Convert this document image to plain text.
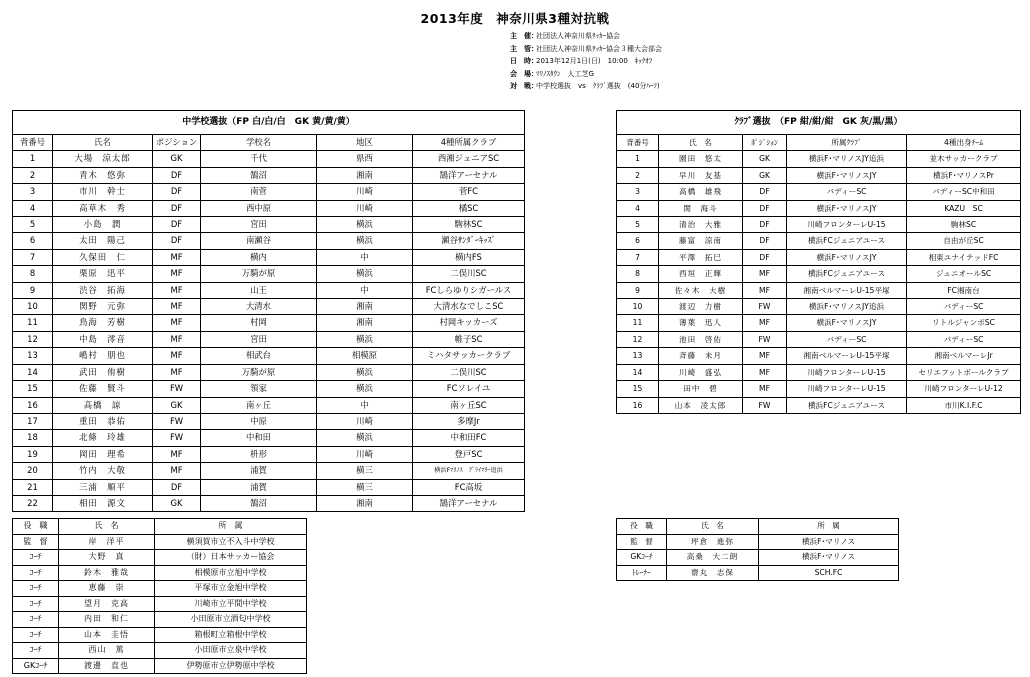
2013年度　神奈川県3種対抗戦
主　催：社団法人神奈川県ｻｯｶｰ協会
主　管：社団法人神奈川県ｻｯｶｰ協会３種大会部会
日　時：2013年12月1日(日)　10:00　ｷｯｸｵﾌ
会　場：ﾏﾘﾉｽﾀｳﾝ　人工芝G
対　戦：中学校選抜　vs　ｸﾗﾌﾞ選抜　(40分ﾊｰﾌ)
中学校選抜（FP 白/白/白　GK 黄/黄/黄）					
背番号	氏名	ポジション	学校名	地区	4種所属クラブ
1	大場　涼太郎	GK	千代	県西	西湘ジュニアSC
2	青木　悠弥	DF	鵠沼	湘南	鵠洋アーセナル
3	市川　幹士	DF	南菅	川崎	菅FC
4	高草木　秀	DF	西中原	川崎	橘SC
5	小島　潤	DF	宮田	横浜	駒林SC
6	太田　陽己	DF	南瀬谷	横浜	瀬谷ｻﾝﾀﾞｰｷｯｽﾞ
7	久保田　仁	MF	横内	中	横内FS
8	栗原　迅平	MF	万騎が原	横浜	二俣川SC
9	渋谷　拓海	MF	山王	中	FCしらゆりシガールス
10	関野　元弥	MF	大清水	湘南	大清水なでしこSC
11	鳥海　芳樹	MF	村岡	湘南	村岡キッカーズ
12	中島　澪音	MF	宮田	横浜	帷子SC
13	嶋村　朋也	MF	相武台	相模原	ミハタサッカークラブ
14	武田　侑樹	MF	万騎が原	横浜	二俣川SC
15	佐藤　賢斗	FW	領家	横浜	FCソレイユ
16	高橋　諒	GK	南ヶ丘	中	南ヶ丘SC
17	重田　恭佑	FW	中原	川崎	多摩Jr
18	北條　玲雄	FW	中和田	横浜	中和田FC
19	岡田　理希	MF	枡形	川崎	登戸SC
20	竹内　大敬	MF	浦賀	横三	横浜Fﾏﾘﾉｽ　ﾌﾟﾗｲﾏﾘｰ追浜
21	三浦　順平	DF	浦賀	横三	FC高坂
22	相田　源文	GK	鵠沼	湘南	鵠洋アーセナル
ｸﾗﾌﾞ選抜　（FP 紺/紺/紺　GK 灰/黒/黒）				
背番号	氏　名	ﾎﾟｼﾞｼｮﾝ	所属ｸﾗﾌﾞ	4種出身ﾁｰﾑ
1	園田　悠太	GK	横浜F･マリノスJY追浜	並木サッカークラブ
2	早川　友基	GK	横浜F･マリノスJY	横浜F･マリノスPr
3	高橋　雄飛	DF	バディーSC	バディーSC中和田
4	関　海斗	DF	横浜F･マリノスJY	KAZU　SC
5	清治　大雅	DF	川崎フロンターレU-15	駒林SC
6	藤富　涼南	DF	横浜FCジュニアユース	自由が丘SC
7	平澤　拓巳	DF	横浜F･マリノスJY	相東ユナイテッドFC
8	西垣　正輝	MF	横浜FCジュニアユース	ジュニオールSC
9	佐々木　大樹	MF	湘南ベルマーレU-15平塚	FC湘南台
10	渡辺　力樹	FW	横浜F･マリノスJY追浜	バディーSC
11	薄葉　迅人	MF	横浜F･マリノスJY	リトルジャンボSC
12	池田　啓佑	FW	バディーSC	バディーSC
13	斉藤　未月	MF	湘南ベルマーレU-15平塚	湘南ベルマーレJr
14	川崎　盛弘	MF	川崎フロンターレU-15	セリエフットボールクラブ
15	田中　碧	MF	川崎フロンターレU-15	川崎フロンターレU-12
16	山本　凌太郎	FW	横浜FCジュニアユース	市川K.I.F.C
役　職	氏　名	所　属
監　督	岸　洋平	横須賀市立不入斗中学校
ｺｰﾁ	大野　真	（財）日本サッカー協会
ｺｰﾁ	鈴木　雅哉	相模原市立旭中学校
ｺｰﾁ	恵藤　崇	平塚市立金旭中学校
ｺｰﾁ	望月　克高	川崎市立平間中学校
ｺｰﾁ	内田　和仁	小田原市立酒匂中学校
ｺｰﾁ	山本　圭悟	箱根町立箱根中学校
ｺｰﾁ	西山　篤	小田原市立泉中学校
GKｺｰﾁ	渡邊　直也	伊勢原市立伊勢原中学校
役　職	氏　名	所　属
監　督	坪倉　進弥	横浜F･マリノス
GKｺｰﾁ	高桑　大二朗	横浜F･マリノス
ﾄﾚｰﾅｰ	齋丸　志保	SCH.FC
